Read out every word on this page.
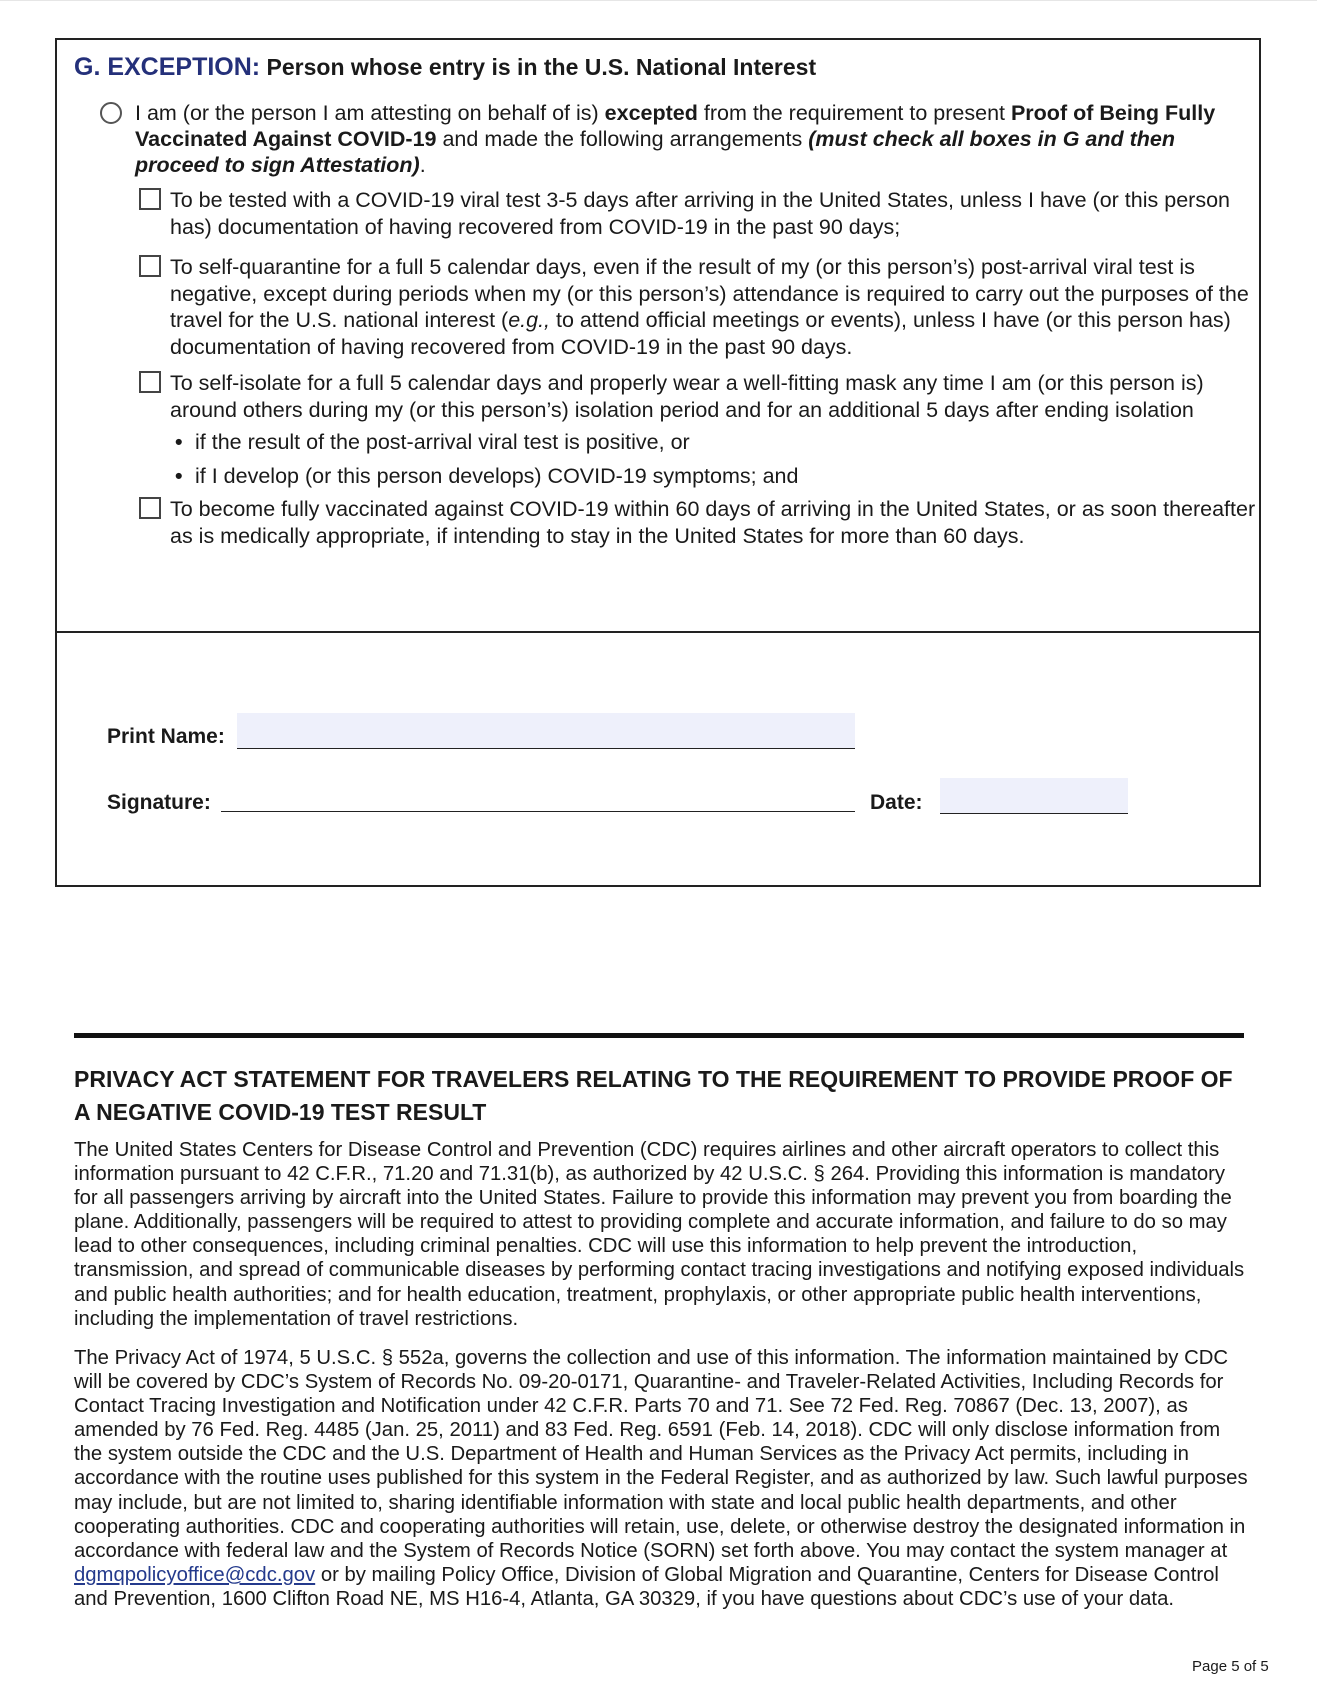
G. EXCEPTION: Person whose entry is in the U.S. National Interest
I am (or the person I am attesting on behalf of is) excepted from the requirement to present Proof of Being Fully Vaccinated Against COVID-19 and made the following arrangements (must check all boxes in G and then proceed to sign Attestation).
To be tested with a COVID-19 viral test 3-5 days after arriving in the United States, unless I have (or this person has) documentation of having recovered from COVID-19 in the past 90 days;
To self-quarantine for a full 5 calendar days, even if the result of my (or this person’s) post-arrival viral test is negative, except during periods when my (or this person’s) attendance is required to carry out the purposes of the travel for the U.S. national interest (e.g., to attend official meetings or events), unless I have (or this person has) documentation of having recovered from COVID-19 in the past 90 days.
To self-isolate for a full 5 calendar days and properly wear a well-fitting mask any time I am (or this person is) around others during my (or this person’s) isolation period and for an additional 5 days after ending isolation
• if the result of the post-arrival viral test is positive, or
• if I develop (or this person develops) COVID-19 symptoms; and
To become fully vaccinated against COVID-19 within 60 days of arriving in the United States, or as soon thereafter as is medically appropriate, if intending to stay in the United States for more than 60 days.
Print Name:
Signature:	Date:
PRIVACY ACT STATEMENT FOR TRAVELERS RELATING TO THE REQUIREMENT TO PROVIDE PROOF OF A NEGATIVE COVID-19 TEST RESULT

The United States Centers for Disease Control and Prevention (CDC) requires airlines and other aircraft operators to collect this information pursuant to 42 C.F.R., 71.20 and 71.31(b), as authorized by 42 U.S.C. § 264. Providing this information is mandatory for all passengers arriving by aircraft into the United States. Failure to provide this information may prevent you from boarding the plane. Additionally, passengers will be required to attest to providing complete and accurate information, and failure to do so may lead to other consequences, including criminal penalties. CDC will use this information to help prevent the introduction, transmission, and spread of communicable diseases by performing contact tracing investigations and notifying exposed individuals and public health authorities; and for health education, treatment, prophylaxis, or other appropriate public health interventions, including the implementation of travel restrictions.

The Privacy Act of 1974, 5 U.S.C. § 552a, governs the collection and use of this information. The information maintained by CDC will be covered by CDC’s System of Records No. 09-20-0171, Quarantine- and Traveler-Related Activities, Including Records for Contact Tracing Investigation and Notification under 42 C.F.R. Parts 70 and 71. See 72 Fed. Reg. 70867 (Dec. 13, 2007), as amended by 76 Fed. Reg. 4485 (Jan. 25, 2011) and 83 Fed. Reg. 6591 (Feb. 14, 2018). CDC will only disclose information from the system outside the CDC and the U.S. Department of Health and Human Services as the Privacy Act permits, including in accordance with the routine uses published for this system in the Federal Register, and as authorized by law. Such lawful purposes may include, but are not limited to, sharing identifiable information with state and local public health departments, and other cooperating authorities. CDC and cooperating authorities will retain, use, delete, or otherwise destroy the designated information in accordance with federal law and the System of Records Notice (SORN) set forth above. You may contact the system manager at dgmqpolicyoffice@cdc.gov or by mailing Policy Office, Division of Global Migration and Quarantine, Centers for Disease Control and Prevention, 1600 Clifton Road NE, MS H16-4, Atlanta, GA 30329, if you have questions about CDC’s use of your data.

Page 5 of 5
